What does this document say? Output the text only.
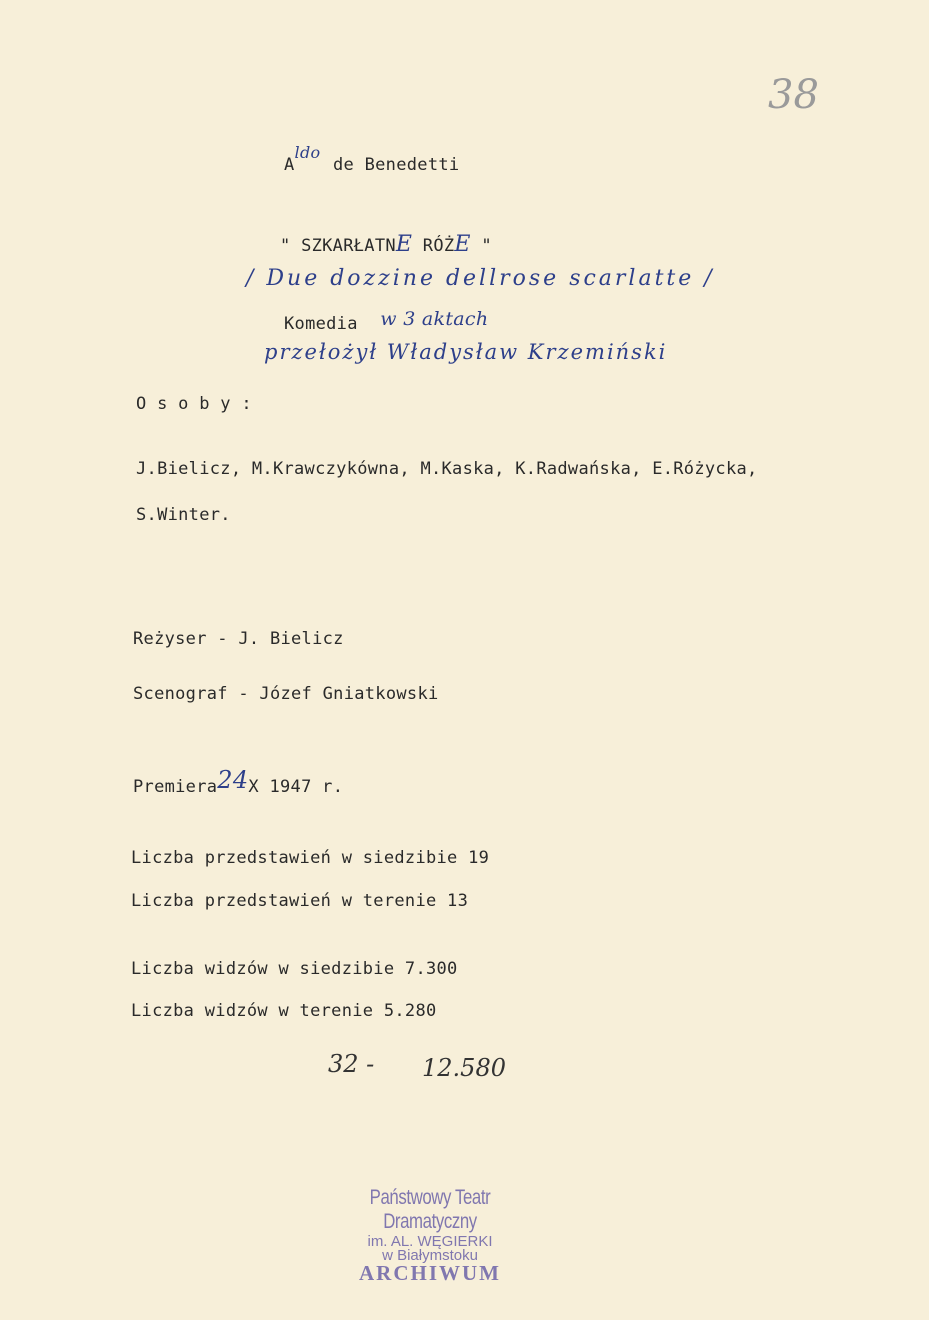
38
Aldo de Benedetti
" SZKARŁATNE RÓŻE "
/ Due dozzine dellrose scarlatte /
Komedia w 3 aktach
przełożył Władysław Krzemiński
O s o b y :
J.Bielicz, M.Krawczykówna, M.Kaska, K.Radwańska, E.Różycka,
S.Winter.
Reżyser - J. Bielicz
Scenograf - Józef Gniatkowski
Premiera24X 1947 r.
Liczba przedstawień w siedzibie 19
Liczba przedstawień w terenie 13
Liczba widzów w siedzibie 7.300
Liczba widzów w terenie 5.280
32 - 12.580
Państwowy Teatr Dramatyczny
im. AL. WĘGIERKI
w Białymstoku
ARCHIWUM
